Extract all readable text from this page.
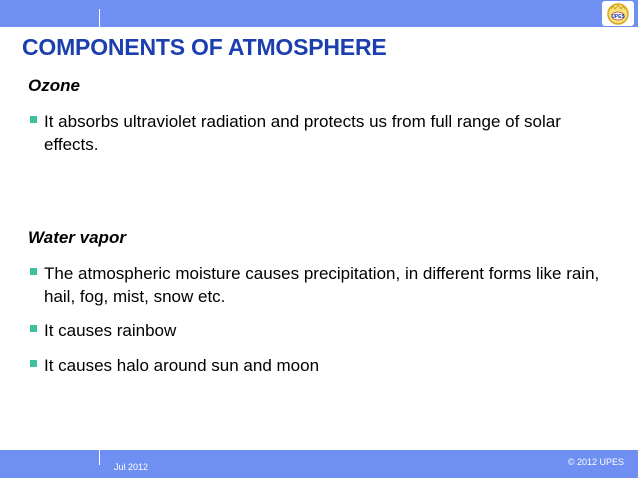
UPES
COMPONENTS OF ATMOSPHERE
Ozone
It absorbs ultraviolet radiation and protects us from full range of solar effects.
Water vapor
The atmospheric moisture causes precipitation, in different forms like rain, hail, fog, mist, snow etc.
It causes rainbow
It causes halo around sun and moon
Jul 2012	© 2012 UPES
